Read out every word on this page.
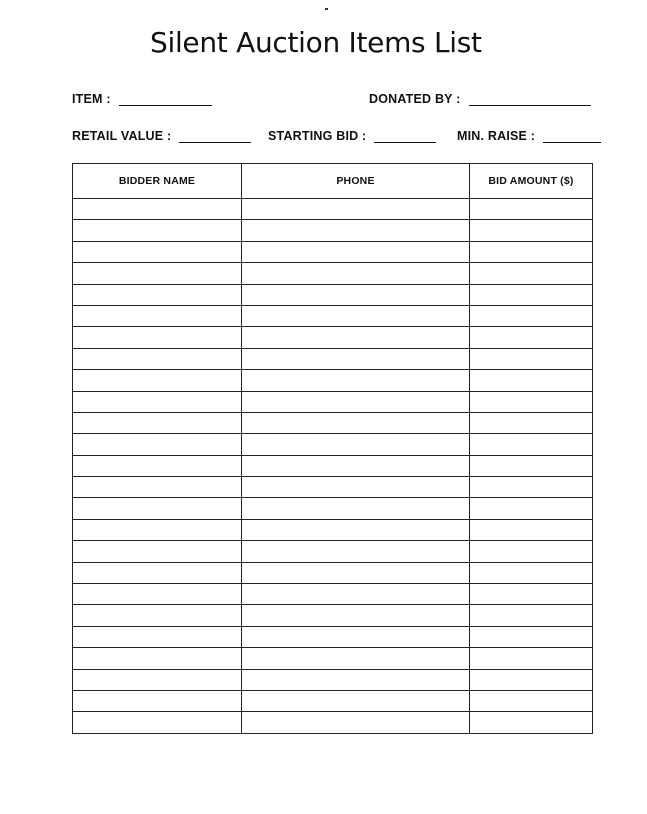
Silent Auction Items List
ITEM :	DONATED BY :
RETAIL VALUE :	STARTING BID :	MIN. RAISE :
BIDDER NAME	PHONE	BID AMOUNT ($)
